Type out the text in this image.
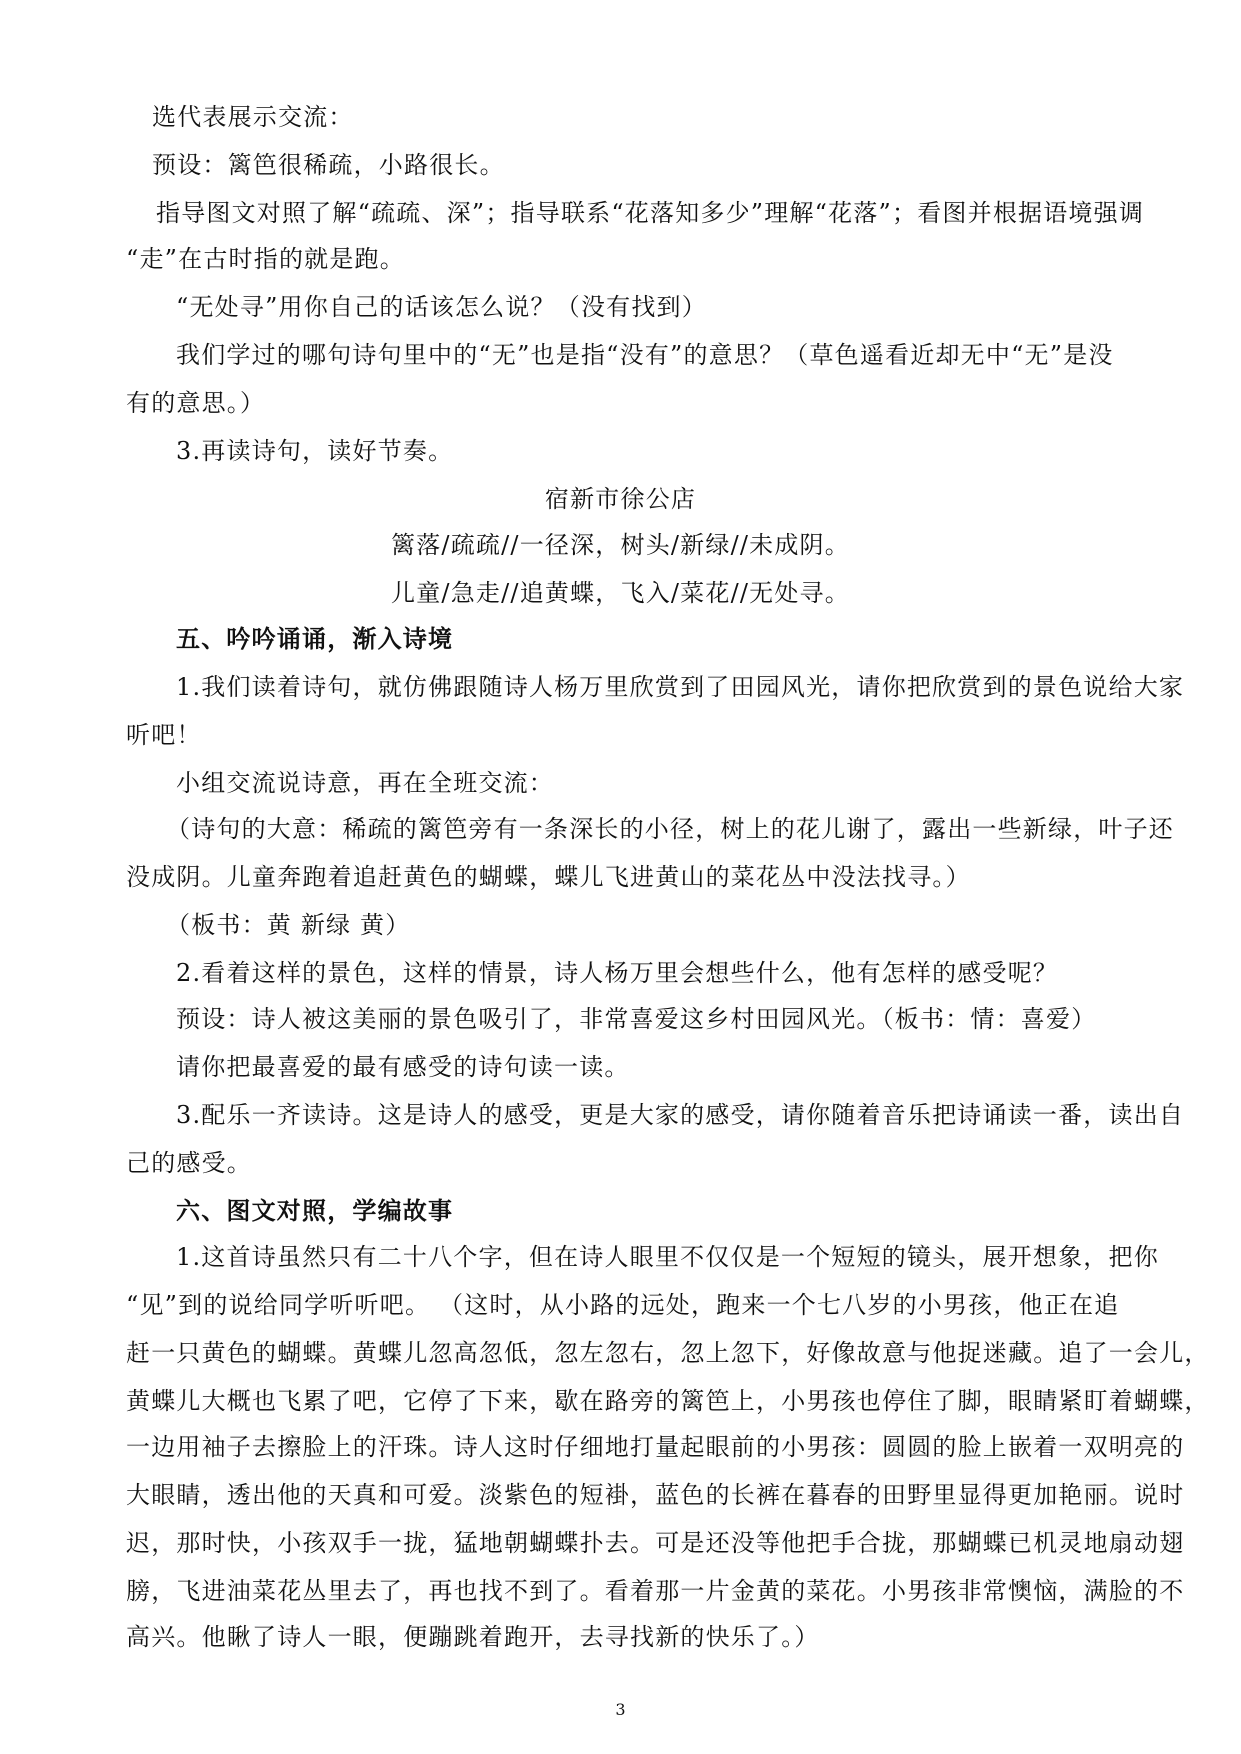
选代表展示交流：
预设：篱笆很稀疏，小路很长。
指导图文对照了解“疏疏、深”；指导联系“花落知多少”理解“花落”；看图并根据语境强调
“走”在古时指的就是跑。
“无处寻”用你自己的话该怎么说？（没有找到）
我们学过的哪句诗句里中的“无”也是指“没有”的意思？（草色遥看近却无中“无”是没
有的意思。）
3.再读诗句，读好节奏。
宿新市徐公店
篱落/疏疏//一径深，树头/新绿//未成阴。
儿童/急走//追黄蝶，飞入/菜花//无处寻。
五、吟吟诵诵，渐入诗境
1.我们读着诗句，就仿佛跟随诗人杨万里欣赏到了田园风光，请你把欣赏到的景色说给大家
听吧！
小组交流说诗意，再在全班交流：
（诗句的大意：稀疏的篱笆旁有一条深长的小径，树上的花儿谢了，露出一些新绿，叶子还
没成阴。儿童奔跑着追赶黄色的蝴蝶，蝶儿飞进黄山的菜花丛中没法找寻。）
（板书：黄 新绿 黄）
2.看着这样的景色，这样的情景，诗人杨万里会想些什么，他有怎样的感受呢？
预设：诗人被这美丽的景色吸引了，非常喜爱这乡村田园风光。（板书：情：喜爱）
请你把最喜爱的最有感受的诗句读一读。
3.配乐一齐读诗。这是诗人的感受，更是大家的感受，请你随着音乐把诗诵读一番，读出自
己的感受。
六、图文对照，学编故事
1.这首诗虽然只有二十八个字，但在诗人眼里不仅仅是一个短短的镜头，展开想象，把你
“见”到的说给同学听听吧。 （这时，从小路的远处，跑来一个七八岁的小男孩，他正在追
赶一只黄色的蝴蝶。黄蝶儿忽高忽低，忽左忽右，忽上忽下，好像故意与他捉迷藏。追了一会儿，
黄蝶儿大概也飞累了吧，它停了下来，歇在路旁的篱笆上，小男孩也停住了脚，眼睛紧盯着蝴蝶，
一边用袖子去擦脸上的汗珠。诗人这时仔细地打量起眼前的小男孩：圆圆的脸上嵌着一双明亮的
大眼睛，透出他的天真和可爱。淡紫色的短褂，蓝色的长裤在暮春的田野里显得更加艳丽。说时
迟，那时快，小孩双手一拢，猛地朝蝴蝶扑去。可是还没等他把手合拢，那蝴蝶已机灵地扇动翅
膀，飞进油菜花丛里去了，再也找不到了。看着那一片金黄的菜花。小男孩非常懊恼，满脸的不
高兴。他瞅了诗人一眼，便蹦跳着跑开，去寻找新的快乐了。）
3
